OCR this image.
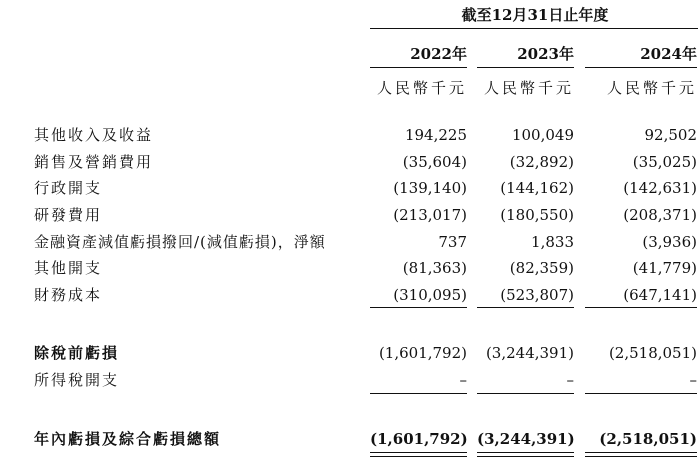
截至12月31日止年度
2022年	2023年	2024年
人民幣千元	人民幣千元	人民幣千元
其他收入及收益	194,225	100,049	92,502
銷售及營銷費用	(35,604)	(32,892)	(35,025)
行政開支	(139,140)	(144,162)	(142,631)
研發費用	(213,017)	(180,550)	(208,371)
金融資產減值虧損撥回/(減值虧損)，淨額	737	1,833	(3,936)
其他開支	(81,363)	(82,359)	(41,779)
財務成本	(310,095)	(523,807)	(647,141)
除稅前虧損	(1,601,792)	(3,244,391)	(2,518,051)
所得稅開支	–	–	–
年內虧損及綜合虧損總額	(1,601,792) (3,244,391)	(2,518,051)
